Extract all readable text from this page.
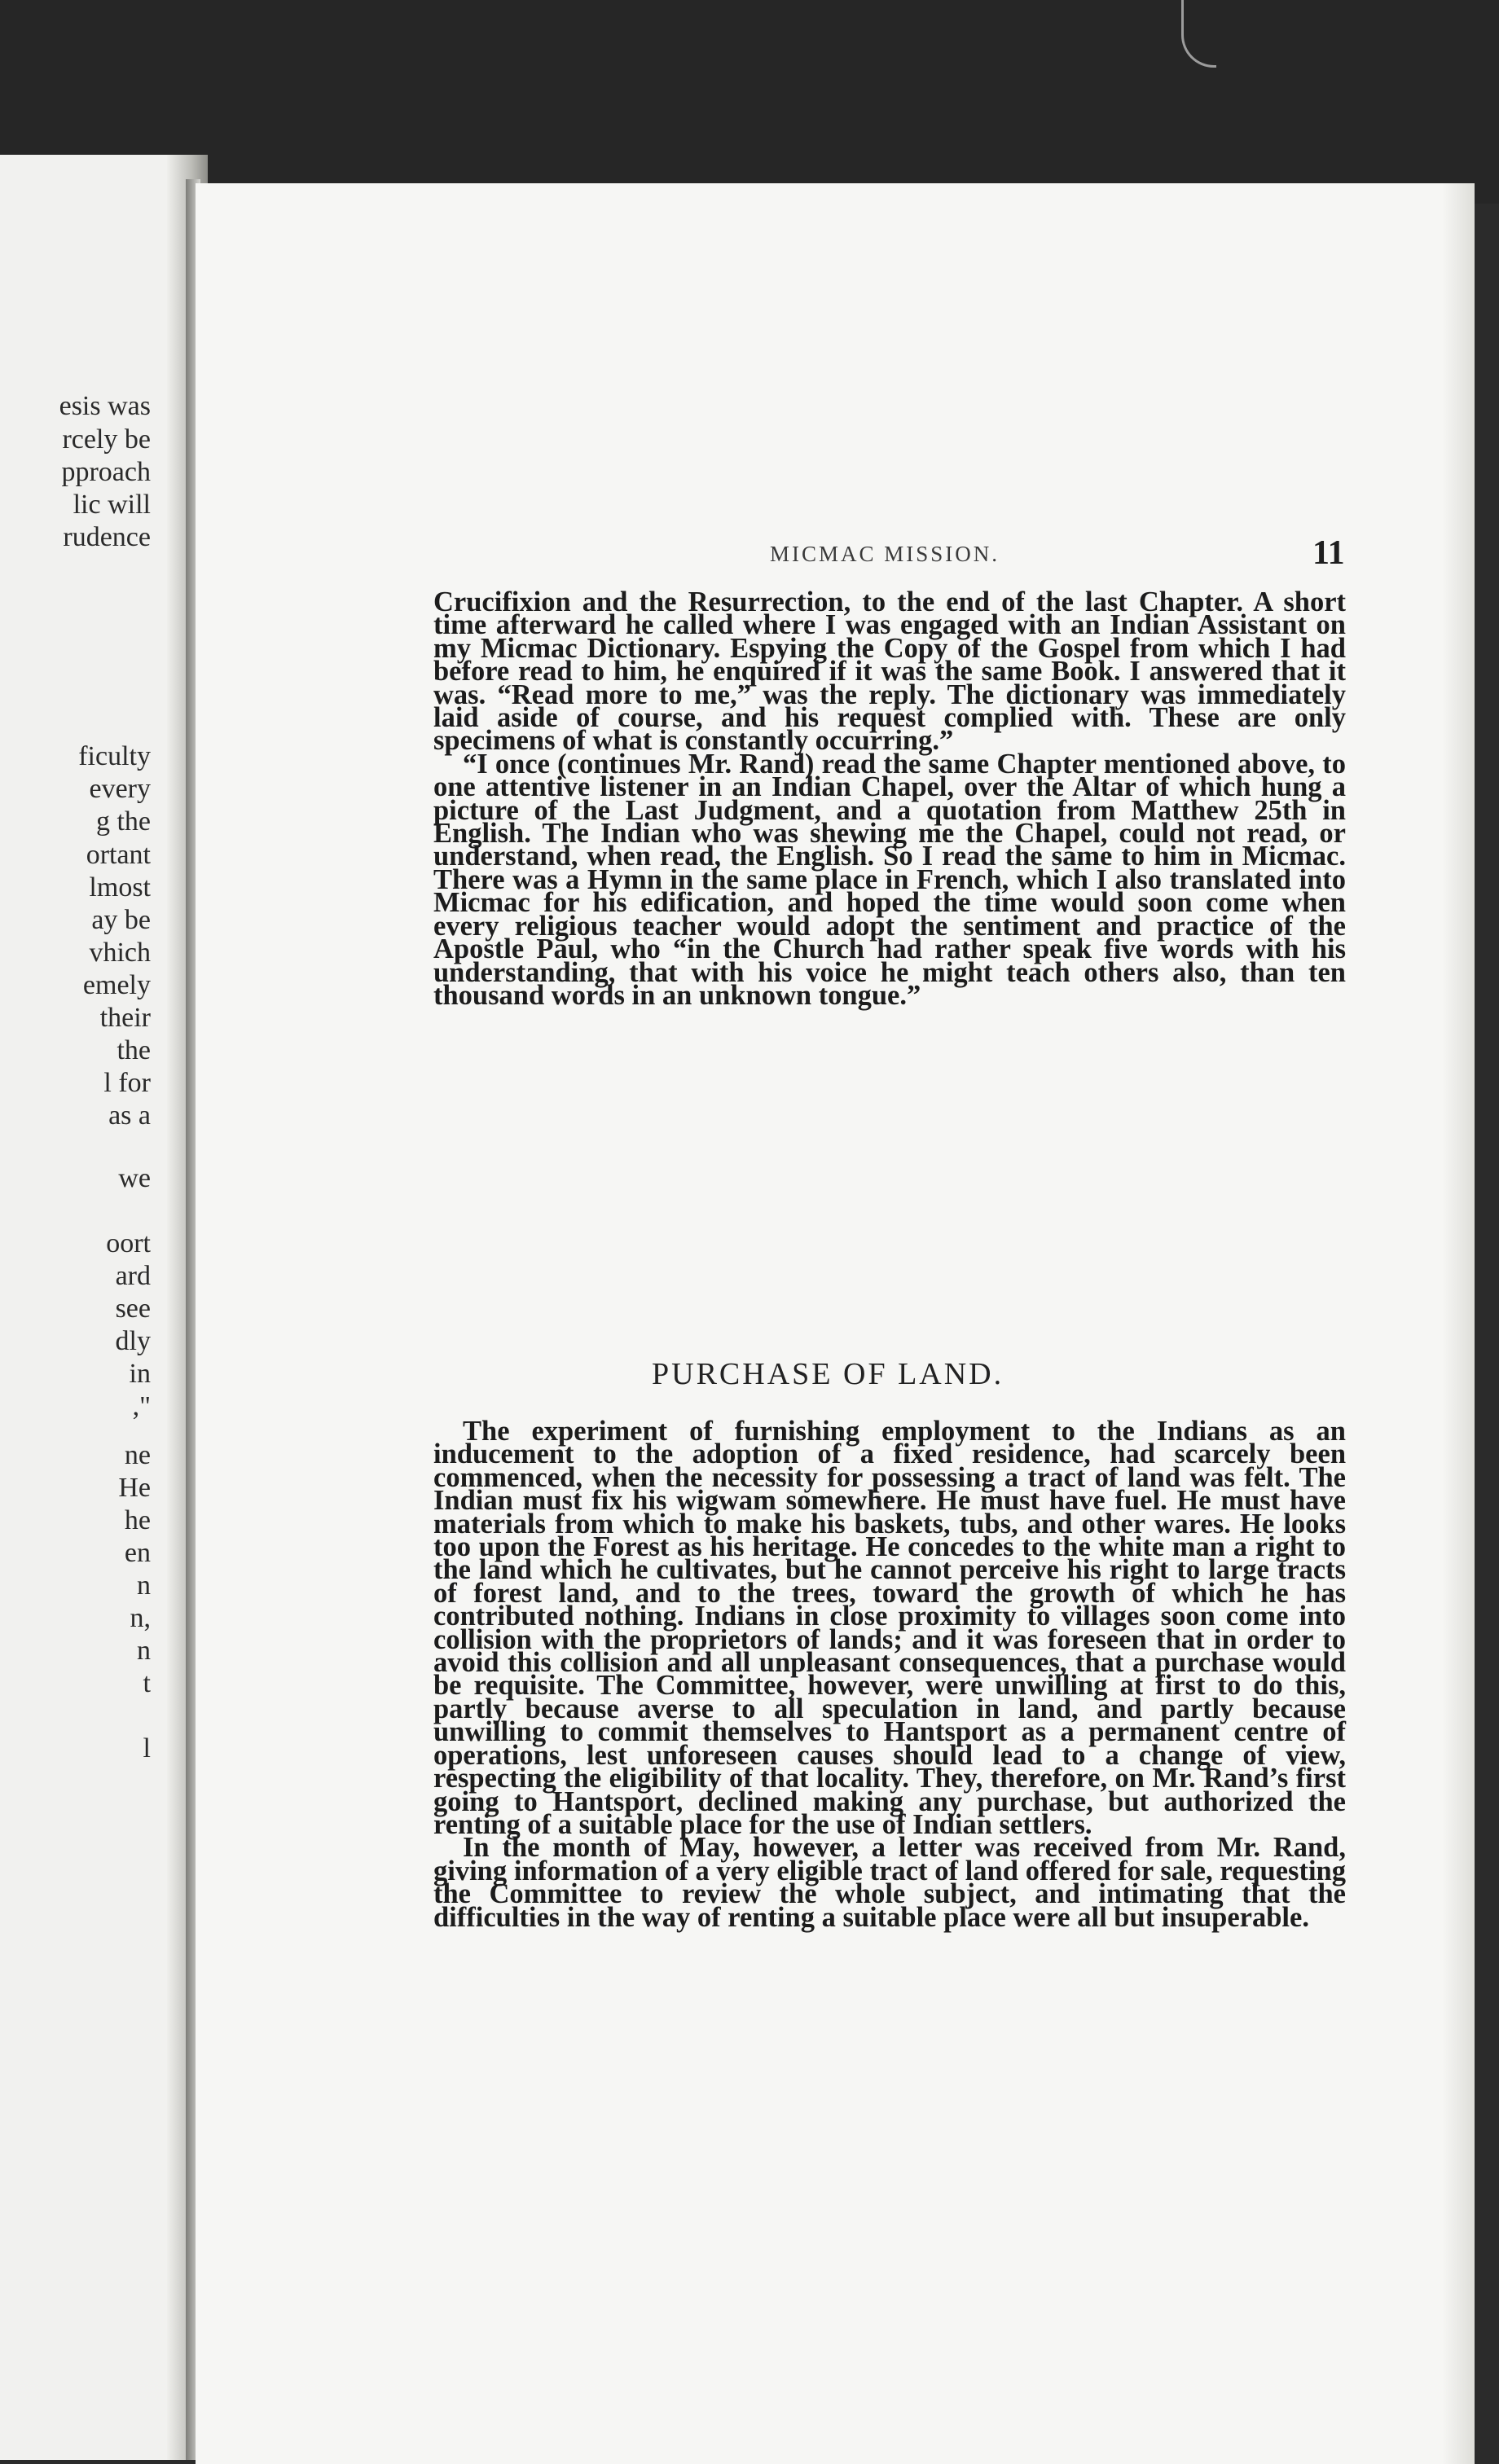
esis was
rcely be
pproach
lic will
rudence
ficulty
every
g the
ortant
lmost
ay be
vhich
emely
their
the
l for
as a
we
oort
ard
see
dly
in
,"
ne
He
he
en
n
n,
n
t
l
MICMAC MISSION.	11

Crucifixion and the Resurrection, to the end of the last Chapter. A short time afterward he called where I was engaged with an Indian Assistant on my Micmac Dictionary. Espying the Copy of the Gospel from which I had before read to him, he enquired if it was the same Book. I answered that it was. “Read more to me,” was the reply. The dictionary was immediately laid aside of course, and his request complied with. These are only specimens of what is constantly occurring.”

“I once (continues Mr. Rand) read the same Chapter mentioned above, to one attentive listener in an Indian Chapel, over the Altar of which hung a picture of the Last Judgment, and a quotation from Matthew 25th in English. The Indian who was shewing me the Chapel, could not read, or understand, when read, the English. So I read the same to him in Micmac. There was a Hymn in the same place in French, which I also translated into Micmac for his edification, and hoped the time would soon come when every religious teacher would adopt the sentiment and practice of the Apostle Paul, who “in the Church had rather speak five words with his understanding, that with his voice he might teach others also, than ten thousand words in an unknown tongue.”

PURCHASE OF LAND.

The experiment of furnishing employment to the Indians as an inducement to the adoption of a fixed residence, had scarcely been commenced, when the necessity for possessing a tract of land was felt. The Indian must fix his wigwam somewhere. He must have fuel. He must have materials from which to make his baskets, tubs, and other wares. He looks too upon the Forest as his heritage. He concedes to the white man a right to the land which he cultivates, but he cannot perceive his right to large tracts of forest land, and to the trees, toward the growth of which he has contributed nothing. Indians in close proximity to villages soon come into collision with the proprietors of lands; and it was foreseen that in order to avoid this collision and all unpleasant consequences, that a purchase would be requisite. The Committee, however, were unwilling at first to do this, partly because averse to all speculation in land, and partly because unwilling to commit themselves to Hantsport as a permanent centre of operations, lest unforeseen causes should lead to a change of view, respecting the eligibility of that locality. They, therefore, on Mr. Rand’s first going to Hantsport, declined making any purchase, but authorized the renting of a suitable place for the use of Indian settlers.

In the month of May, however, a letter was received from Mr. Rand, giving information of a very eligible tract of land offered for sale, requesting the Committee to review the whole subject, and intimating that the difficulties in the way of renting a suitable place were all but insuperable.
